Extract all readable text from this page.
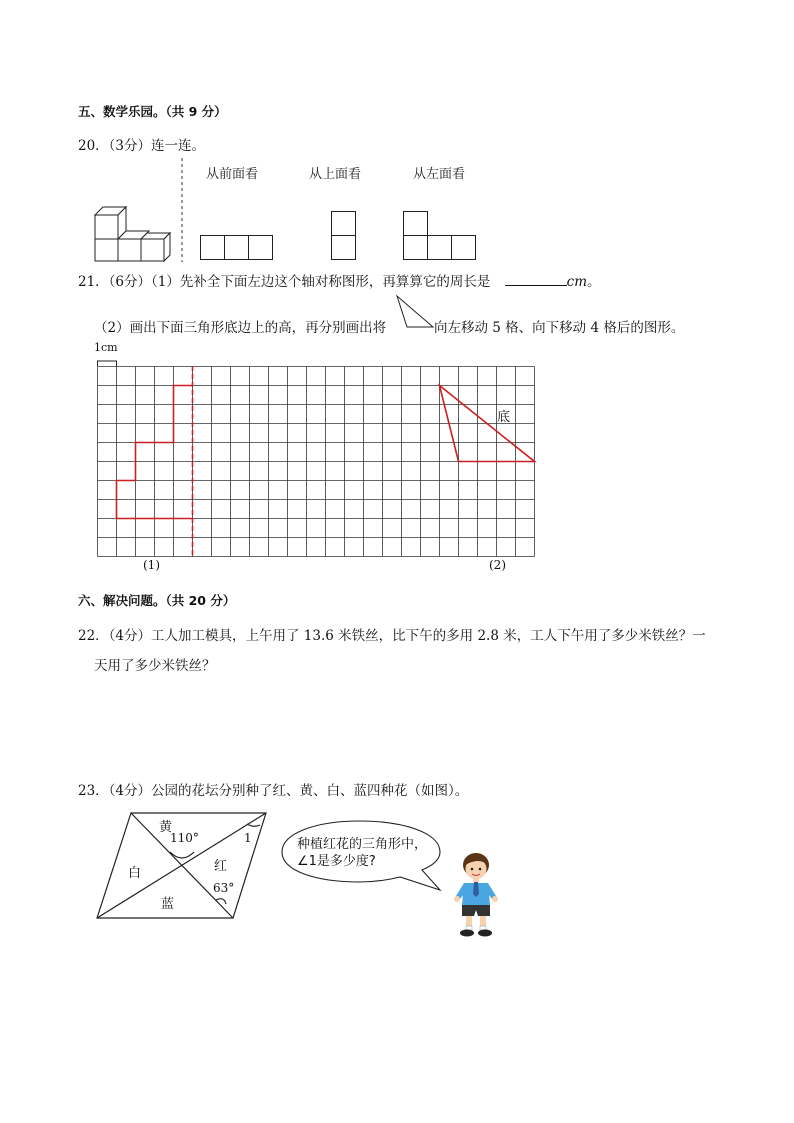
五、数学乐园。（共 9 分）
20．（3分）连一连。
从前面看	从上面看	从左面看
21．（6分）（1）先补全下面左边这个轴对称图形，再算算它的周长是	cm。
（2）画出下面三角形底边上的高，再分别画出将	向左移动 5 格、向下移动 4 格后的图形。
1cm
底
(1)	(2)
六、解决问题。（共 20 分）
22．（4分）工人加工模具，上午用了 13.6 米铁丝，比下午的多用 2.8 米，工人下午用了多少米铁丝？一
天用了多少米铁丝？
23．（4分）公园的花坛分别种了红、黄、白、蓝四种花（如图）。
黄
110°	1
白	红
63°
蓝
种植红花的三角形中，
∠1是多少度?
